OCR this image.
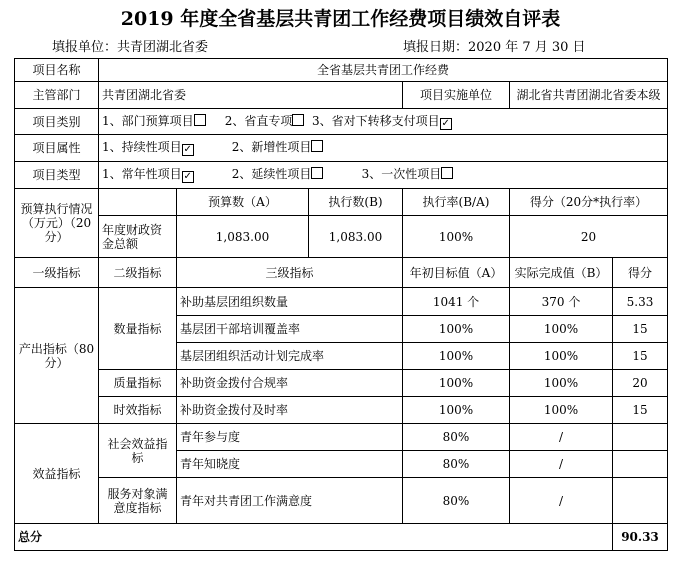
2019 年度全省基层共青团工作经费项目绩效自评表
填报单位：共青团湖北省委	填报日期：2020 年 7 月 30 日
项目名称	全省基层共青团工作经费					
主管部门	共青团湖北省委			项目实施单位	湖北省共青团湖北省委本级	
项目类别	1、部门预算项目 2、省直专项 3、省对下转移支付项目 ✓					
项目属性	1、持续性项目 ✓ 2、新增性项目					
项目类型	1、常年性项目 ✓ 2、延续性项目 3、一次性项目					
预算执行情况（万元）（20分）		预算数（A）	执行数(B)	执行率(B/A)	得分（20分*执行率）	
	年度财政资金总额	1,083.00	1,083.00	100%	20	
一级指标	二级指标	三级指标		年初目标值（A）	实际完成值（B）	得分
产出指标（80分）	数量指标	补助基层团组织数量		1041 个	370 个	5.33
		基层团干部培训覆盖率		100%	100%	15
		基层团组织活动计划完成率		100%	100%	15
	质量指标	补助资金拨付合规率		100%	100%	20
	时效指标	补助资金拨付及时率		100%	100%	15
效益指标	社会效益指标	青年参与度		80%	/	
		青年知晓度		80%	/	
	服务对象满意度指标	青年对共青团工作满意度		80%	/	
总分						90.33
